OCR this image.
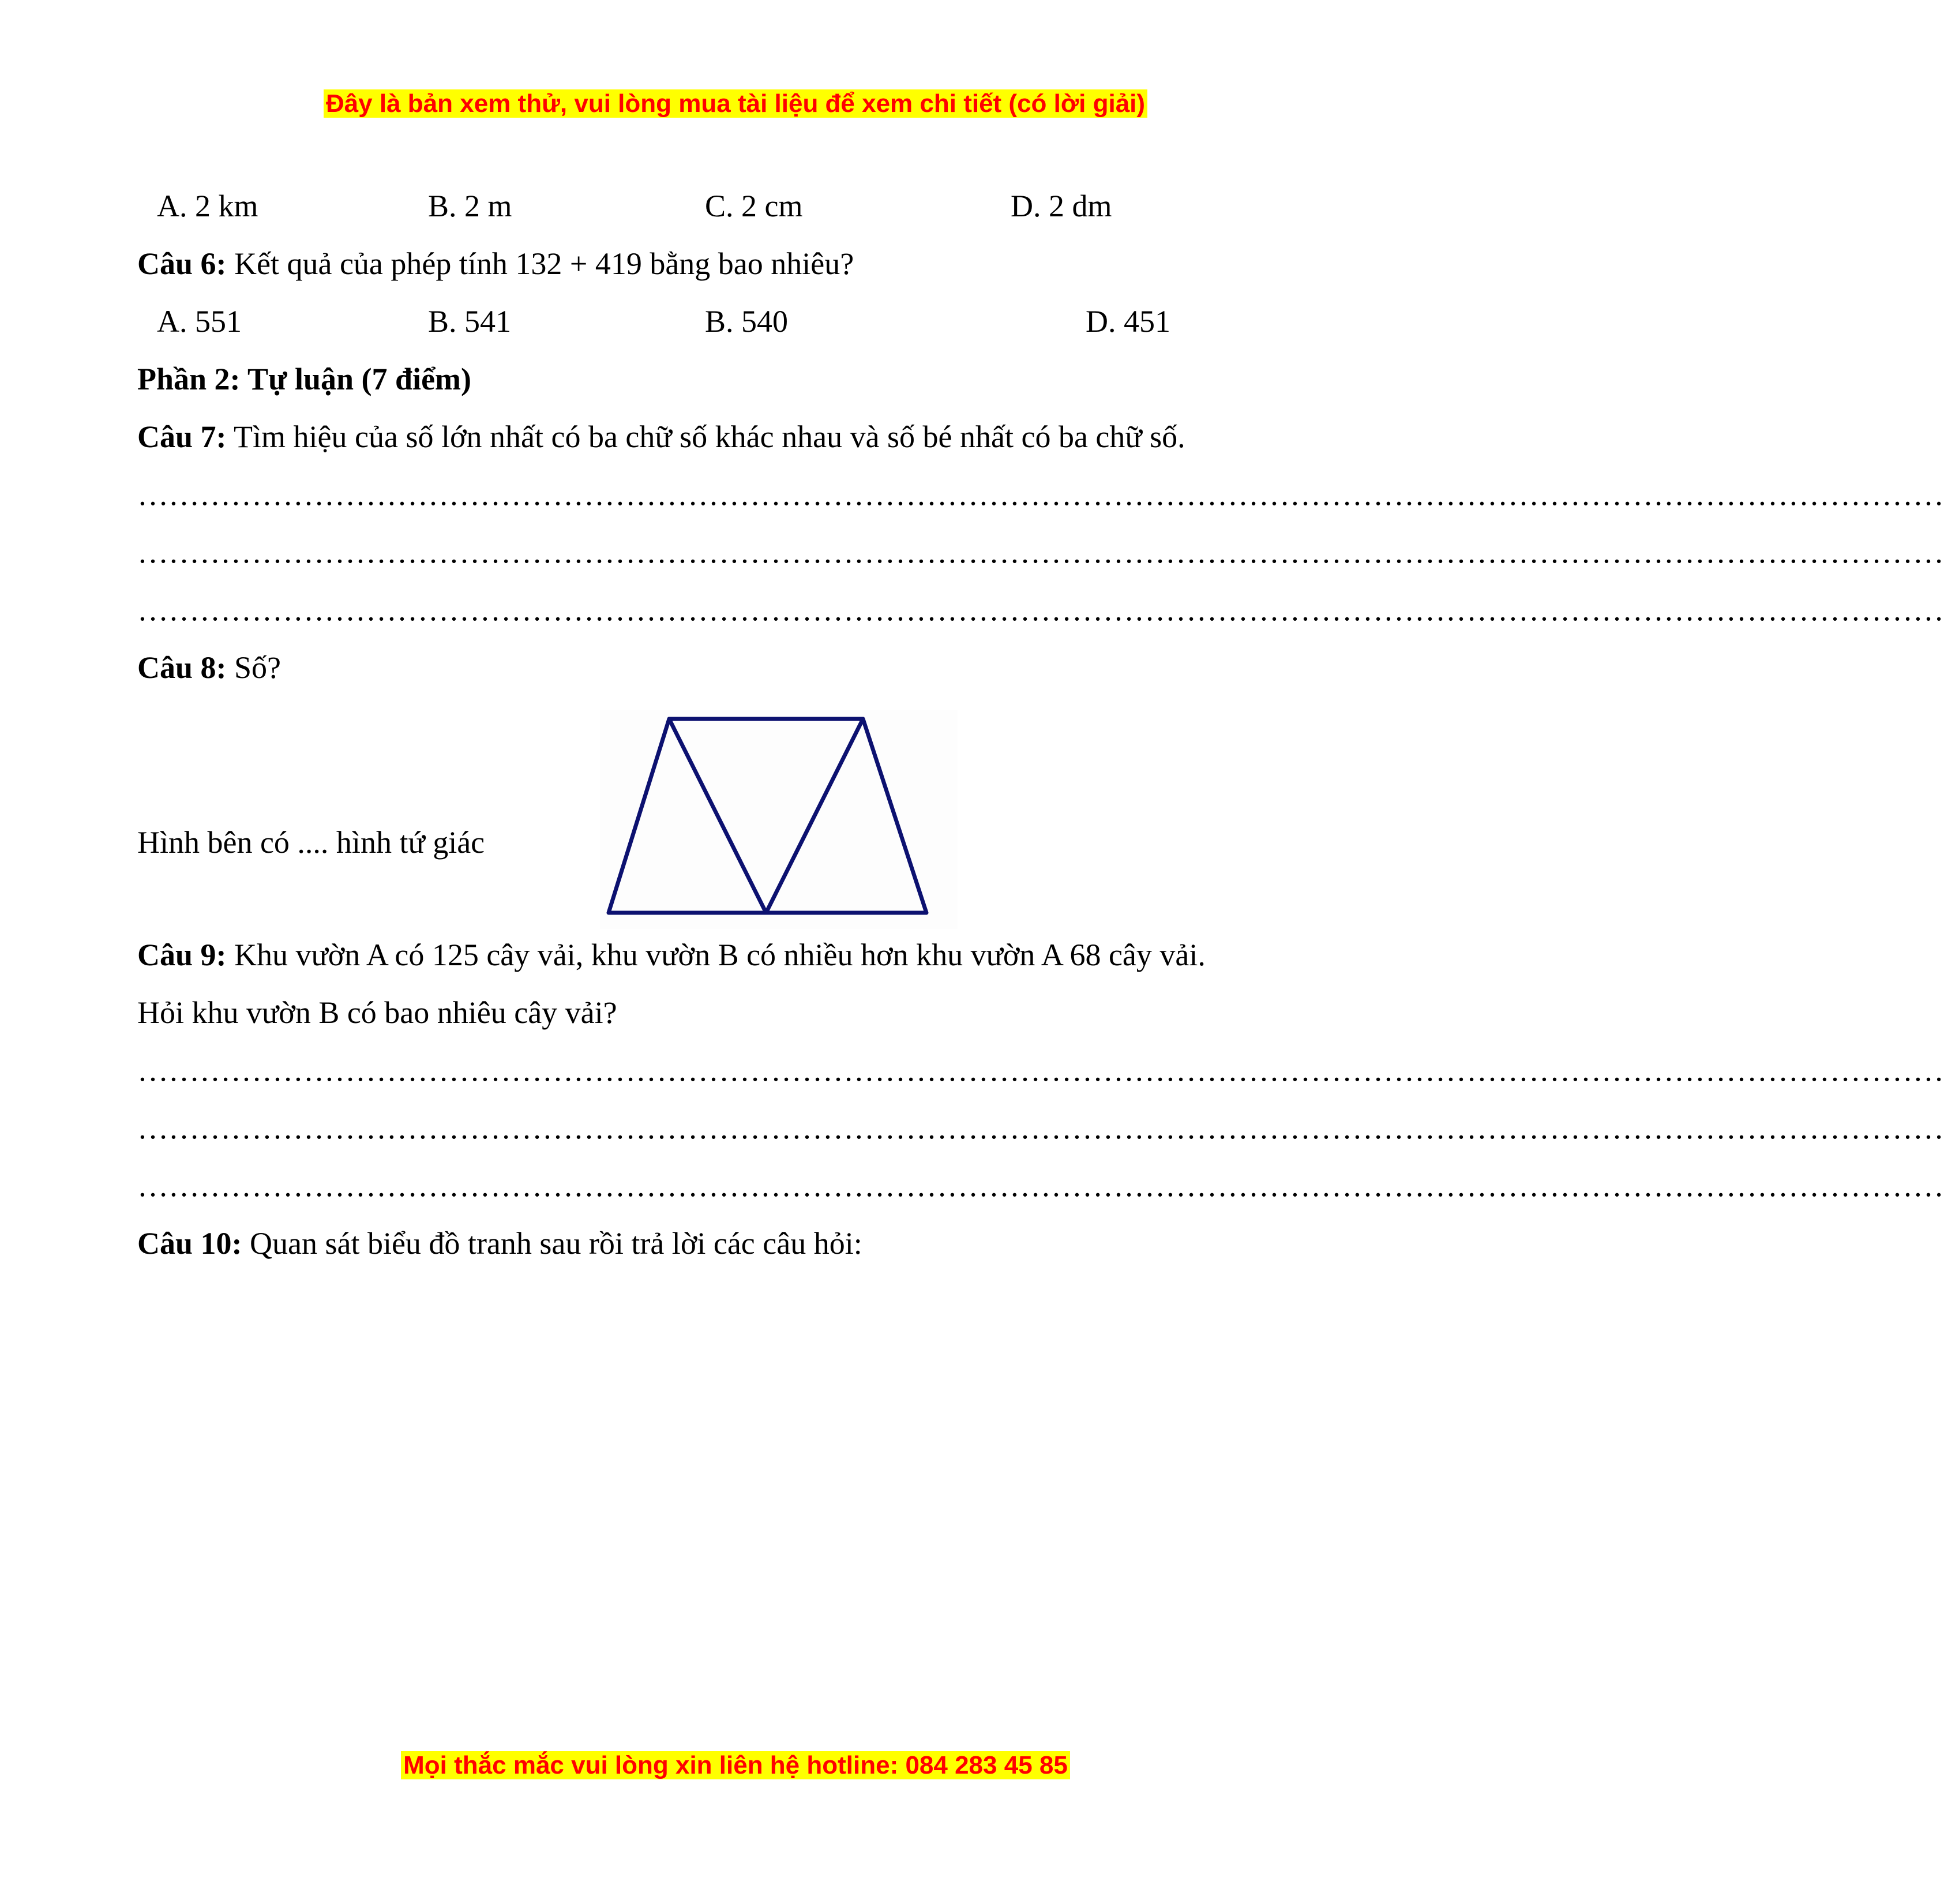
Đây là bản xem thử, vui lòng mua tài liệu để xem chi tiết (có lời giải)
A. 2 km	B. 2 m	C. 2 cm	D. 2 dm
Câu 6: Kết quả của phép tính 132 + 419 bằng bao nhiêu?
A. 551	B. 541	B. 540	D. 451
Phần 2: Tự luận (7 điểm)
Câu 7: Tìm hiệu của số lớn nhất có ba chữ số khác nhau và số bé nhất có ba chữ số.
…………………………………………………………………………………………………………………………………………………………
…………………………………………………………………………………………………………………………………………………………
…………………………………………………………………………………………………………………………………………………………
Câu 8: Số?
Hình bên có .... hình tứ giác
Câu 9: Khu vườn A có 125 cây vải, khu vườn B có nhiều hơn khu vườn A 68 cây vải.
Hỏi khu vườn B có bao nhiêu cây vải?
…………………………………………………………………………………………………………………………………………………………
…………………………………………………………………………………………………………………………………………………………
…………………………………………………………………………………………………………………………………………………………
Câu 10: Quan sát biểu đồ tranh sau rồi trả lời các câu hỏi:
Mọi thắc mắc vui lòng xin liên hệ hotline: 084 283 45 85
